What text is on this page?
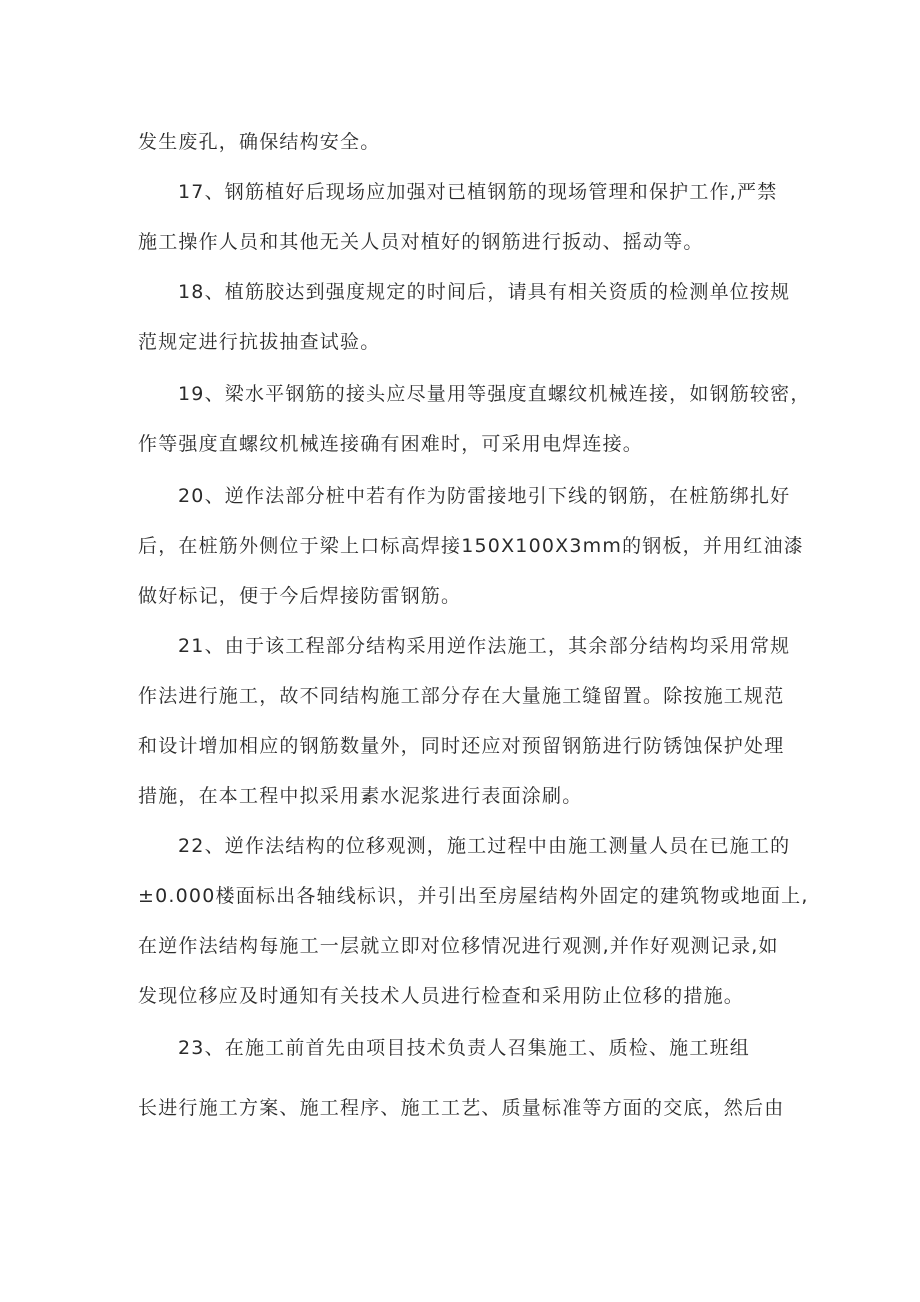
发生废孔，确保结构安全。
17、钢筋植好后现场应加强对已植钢筋的现场管理和保护工作,严禁
施工操作人员和其他无关人员对植好的钢筋进行扳动、摇动等。
18、植筋胶达到强度规定的时间后，请具有相关资质的检测单位按规
范规定进行抗拔抽查试验。
19、梁水平钢筋的接头应尽量用等强度直螺纹机械连接，如钢筋较密，
作等强度直螺纹机械连接确有困难时，可采用电焊连接。
20、逆作法部分桩中若有作为防雷接地引下线的钢筋，在桩筋绑扎好
后，在桩筋外侧位于梁上口标高焊接150X100X3mm的钢板，并用红油漆
做好标记，便于今后焊接防雷钢筋。
21、由于该工程部分结构采用逆作法施工，其余部分结构均采用常规
作法进行施工，故不同结构施工部分存在大量施工缝留置。除按施工规范
和设计增加相应的钢筋数量外，同时还应对预留钢筋进行防锈蚀保护处理
措施，在本工程中拟采用素水泥浆进行表面涂刷。
22、逆作法结构的位移观测，施工过程中由施工测量人员在已施工的
±0.000楼面标出各轴线标识，并引出至房屋结构外固定的建筑物或地面上,
在逆作法结构每施工一层就立即对位移情况进行观测,并作好观测记录,如
发现位移应及时通知有关技术人员进行检查和采用防止位移的措施。
23、在施工前首先由项目技术负责人召集施工、质检、施工班组
长进行施工方案、施工程序、施工工艺、质量标准等方面的交底，然后由
